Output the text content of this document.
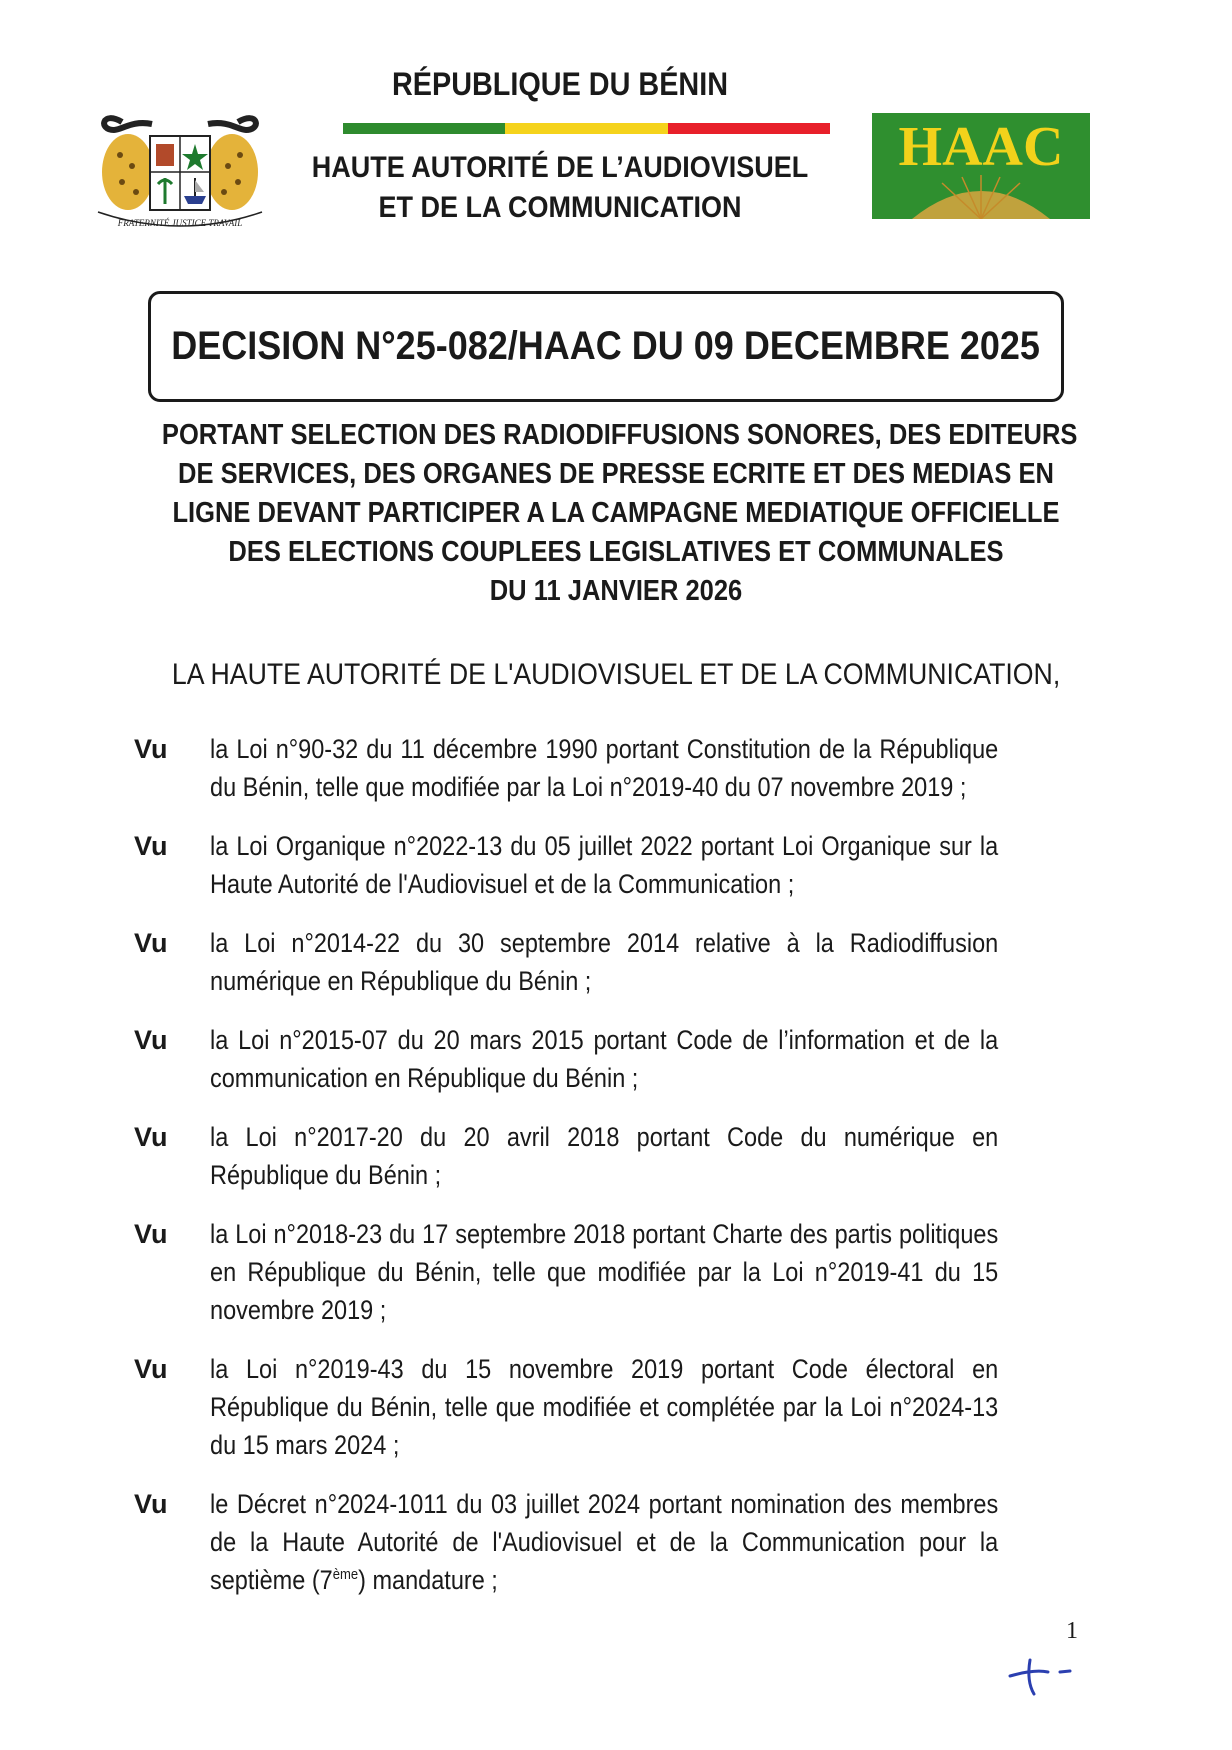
FRATERNITÉ JUSTICE TRAVAIL
RÉPUBLIQUE DU BÉNIN
HAUTE AUTORITÉ DE L’AUDIOVISUEL
ET DE LA COMMUNICATION
HAAC
DECISION N°25-082/HAAC DU 09 DECEMBRE 2025
PORTANT SELECTION DES RADIODIFFUSIONS SONORES, DES EDITEURS
DE SERVICES, DES ORGANES DE PRESSE ECRITE ET DES MEDIAS EN
LIGNE DEVANT PARTICIPER A LA CAMPAGNE MEDIATIQUE OFFICIELLE
DES ELECTIONS COUPLEES LEGISLATIVES ET COMMUNALES
DU 11 JANVIER 2026
LA HAUTE AUTORITÉ DE L'AUDIOVISUEL ET DE LA COMMUNICATION,
Vu la Loi n°90-32 du 11 décembre 1990 portant Constitution de la République du Bénin, telle que modifiée par la Loi n°2019-40 du 07 novembre 2019 ;
Vu la Loi Organique n°2022-13 du 05 juillet 2022 portant Loi Organique sur la Haute Autorité de l'Audiovisuel et de la Communication ;
Vu la Loi n°2014-22 du 30 septembre 2014 relative à la Radiodiffusion numérique en République du Bénin ;
Vu la Loi n°2015-07 du 20 mars 2015 portant Code de l’information et de la communication en République du Bénin ;
Vu la Loi n°2017-20 du 20 avril 2018 portant Code du numérique en République du Bénin ;
Vu la Loi n°2018-23 du 17 septembre 2018 portant Charte des partis politiques en République du Bénin, telle que modifiée par la Loi n°2019-41 du 15 novembre 2019 ;
Vu la Loi n°2019-43 du 15 novembre 2019 portant Code électoral en République du Bénin, telle que modifiée et complétée par la Loi n°2024-13 du 15 mars 2024 ;
Vu le Décret n°2024-1011 du 03 juillet 2024 portant nomination des membres de la Haute Autorité de l'Audiovisuel et de la Communication pour la septième (7ème) mandature ;
1
